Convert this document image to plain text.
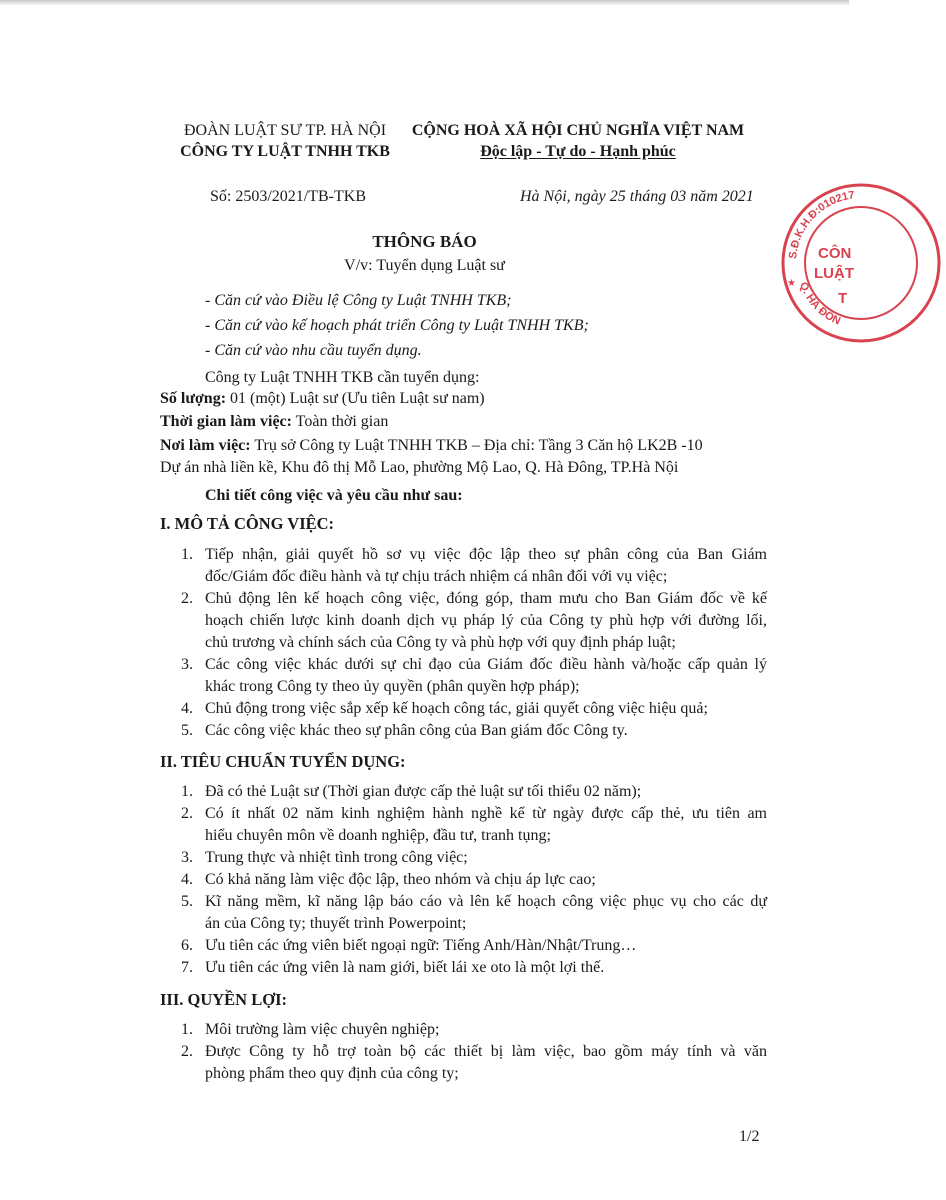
ĐOÀN LUẬT SƯ TP. HÀ NỘI
CÔNG TY LUẬT TNHH TKB
CỘNG HOÀ XÃ HỘI CHỦ NGHĨA VIỆT NAM
Độc lập - Tự do - Hạnh phúc
Số: 2503/2021/TB-TKB	Hà Nội, ngày 25 tháng 03 năm 2021
THÔNG BÁO
V/v: Tuyển dụng Luật sư
- Căn cứ vào Điều lệ Công ty Luật TNHH TKB;
- Căn cứ vào kế hoạch phát triển Công ty Luật TNHH TKB;
- Căn cứ vào nhu cầu tuyển dụng.
Công ty Luật TNHH TKB cần tuyển dụng:
Số lượng: 01 (một) Luật sư (Ưu tiên Luật sư nam)
Thời gian làm việc: Toàn thời gian
Nơi làm việc: Trụ sở Công ty Luật TNHH TKB – Địa chỉ: Tầng 3 Căn hộ LK2B -10
Dự án nhà liền kề, Khu đô thị Mỗ Lao, phường Mộ Lao, Q. Hà Đông, TP.Hà Nội
Chi tiết công việc và yêu cầu như sau:
I. MÔ TẢ CÔNG VIỆC:
1. Tiếp nhận, giải quyết hồ sơ vụ việc độc lập theo sự phân công của Ban Giám
đốc/Giám đốc điều hành và tự chịu trách nhiệm cá nhân đối với vụ việc;
2. Chủ động lên kế hoạch công việc, đóng góp, tham mưu cho Ban Giám đốc về kế
hoạch chiến lược kinh doanh dịch vụ pháp lý của Công ty phù hợp với đường lối,
chủ trương và chính sách của Công ty và phù hợp với quy định pháp luật;
3. Các công việc khác dưới sự chỉ đạo của Giám đốc điều hành và/hoặc cấp quản lý
khác trong Công ty theo ủy quyền (phân quyền hợp pháp);
4. Chủ động trong việc sắp xếp kế hoạch công tác, giải quyết công việc hiệu quả;
5. Các công việc khác theo sự phân công của Ban giám đốc Công ty.
II. TIÊU CHUẨN TUYỂN DỤNG:
1. Đã có thẻ Luật sư (Thời gian được cấp thẻ luật sư tối thiểu 02 năm);
2. Có ít nhất 02 năm kinh nghiệm hành nghề kể từ ngày được cấp thẻ, ưu tiên am
hiểu chuyên môn về doanh nghiệp, đầu tư, tranh tụng;
3. Trung thực và nhiệt tình trong công việc;
4. Có khả năng làm việc độc lập, theo nhóm và chịu áp lực cao;
5. Kĩ năng mềm, kĩ năng lập báo cáo và lên kế hoạch công việc phục vụ cho các dự
án của Công ty; thuyết trình Powerpoint;
6. Ưu tiên các ứng viên biết ngoại ngữ: Tiếng Anh/Hàn/Nhật/Trung…
7. Ưu tiên các ứng viên là nam giới, biết lái xe oto là một lợi thế.
III. QUYỀN LỢI:
1. Môi trường làm việc chuyên nghiệp;
2. Được Công ty hỗ trợ toàn bộ các thiết bị làm việc, bao gồm máy tính và văn
phòng phẩm theo quy định của công ty;
1/2
S.Đ.K.H.Đ:010217
Q. HÀ ĐÔN
★
CÔN
LUẬT
T
